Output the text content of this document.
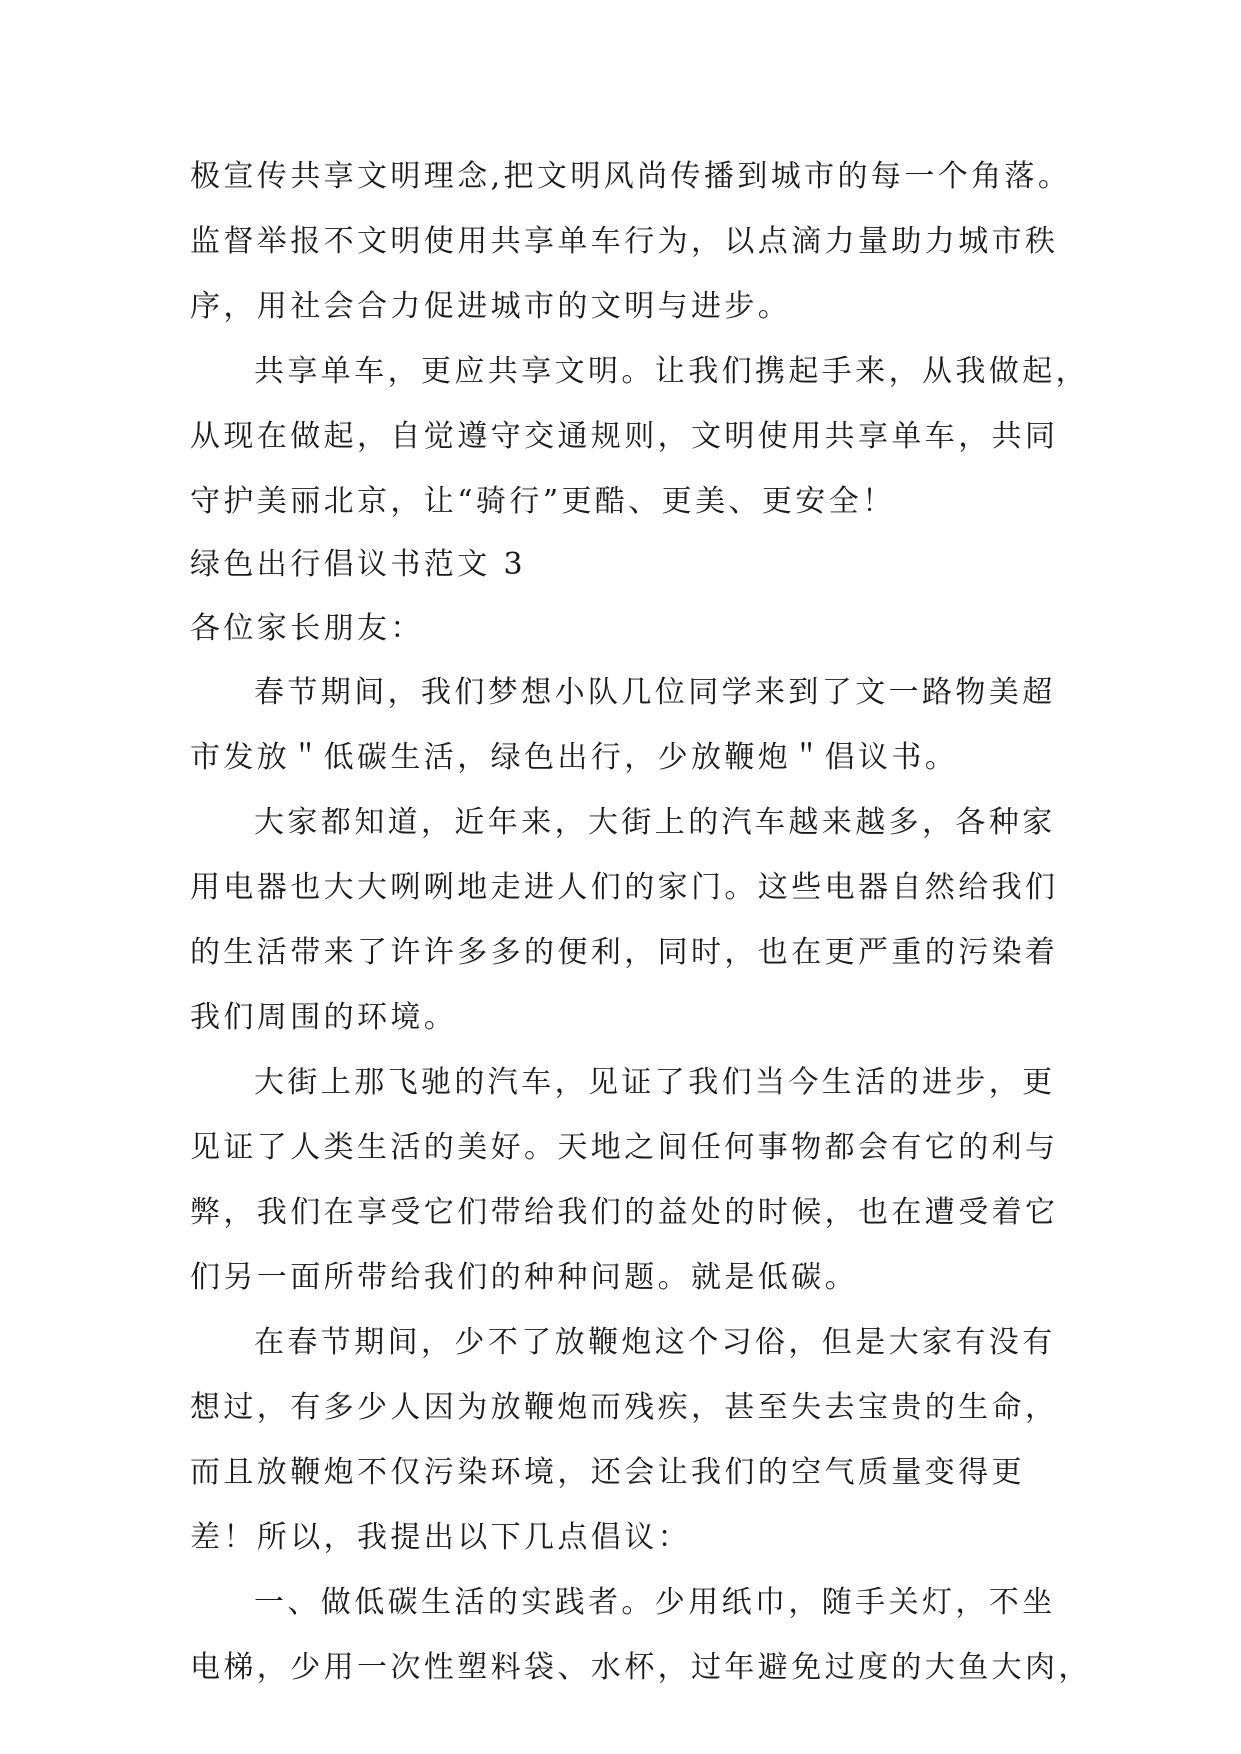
极宣传共享文明理念,把文明风尚传播到城市的每一个角落。
监督举报不文明使用共享单车行为，以点滴力量助力城市秩
序，用社会合力促进城市的文明与进步。
共享单车，更应共享文明。让我们携起手来，从我做起，
从现在做起，自觉遵守交通规则，文明使用共享单车，共同
守护美丽北京，让“骑行”更酷、更美、更安全！
绿色出行倡议书范文 3
各位家长朋友：
春节期间，我们梦想小队几位同学来到了文一路物美超
市发放＂低碳生活，绿色出行，少放鞭炮＂倡议书。
大家都知道，近年来，大街上的汽车越来越多，各种家
用电器也大大咧咧地走进人们的家门。这些电器自然给我们
的生活带来了许许多多的便利，同时，也在更严重的污染着
我们周围的环境。
大街上那飞驰的汽车，见证了我们当今生活的进步，更
见证了人类生活的美好。天地之间任何事物都会有它的利与
弊，我们在享受它们带给我们的益处的时候，也在遭受着它
们另一面所带给我们的种种问题。就是低碳。
在春节期间，少不了放鞭炮这个习俗，但是大家有没有
想过，有多少人因为放鞭炮而残疾，甚至失去宝贵的生命，
而且放鞭炮不仅污染环境，还会让我们的空气质量变得更
差！所以，我提出以下几点倡议：
一、做低碳生活的实践者。少用纸巾，随手关灯，不坐
电梯，少用一次性塑料袋、水杯，过年避免过度的大鱼大肉，
